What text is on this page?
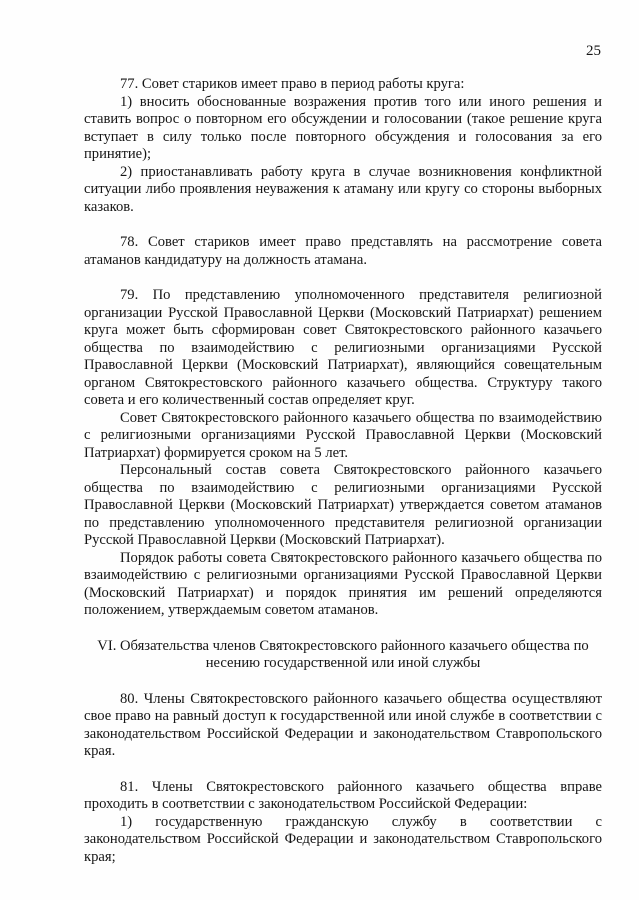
25

77. Совет стариков имеет право в период работы круга:

1) вносить обоснованные возражения против того или иного решения и ставить вопрос о повторном его обсуждении и голосовании (такое решение круга вступает в силу только после повторного обсуждения и голосования за его принятие);

2) приостанавливать работу круга в случае возникновения конфликтной ситуации либо проявления неуважения к атаману или кругу со стороны выборных казаков.

78. Совет стариков имеет право представлять на рассмотрение совета атаманов кандидатуру на должность атамана.

79. По представлению уполномоченного представителя религиозной организации Русской Православной Церкви (Московский Патриархат) решением круга может быть сформирован совет Святокрестовского районного казачьего общества по взаимодействию с религиозными организациями Русской Православной Церкви (Московский Патриархат), являющийся совещательным органом Святокрестовского районного казачьего общества. Структуру такого совета и его количественный состав определяет круг.

Совет Святокрестовского районного казачьего общества по взаимодействию с религиозными организациями Русской Православной Церкви (Московский Патриархат) формируется сроком на 5 лет.

Персональный состав совета Святокрестовского районного казачьего общества по взаимодействию с религиозными организациями Русской Православной Церкви (Московский Патриархат) утверждается советом атаманов по представлению уполномоченного представителя религиозной организации Русской Православной Церкви (Московский Патриархат).

Порядок работы совета Святокрестовского районного казачьего общества по взаимодействию с религиозными организациями Русской Православной Церкви (Московский Патриархат) и порядок принятия им решений определяются положением, утверждаемым советом атаманов.

VI. Обязательства членов Святокрестовского районного казачьего общества по несению государственной или иной службы

80. Члены Святокрестовского районного казачьего общества осуществляют свое право на равный доступ к государственной или иной службе в соответствии с законодательством Российской Федерации и законодательством Ставропольского края.

81. Члены Святокрестовского районного казачьего общества вправе проходить в соответствии с законодательством Российской Федерации:

1) государственную гражданскую службу в соответствии с законодательством Российской Федерации и законодательством Ставропольского края;
